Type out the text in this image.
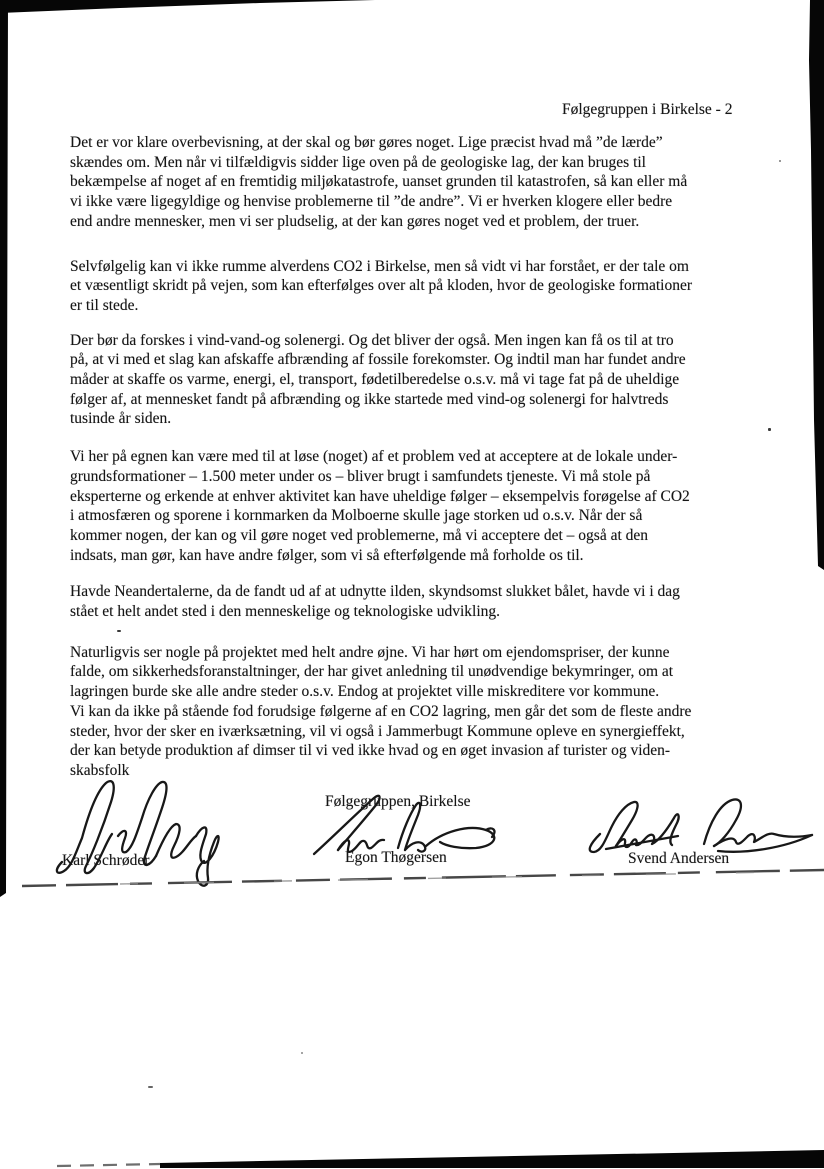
Følgegruppen i Birkelse - 2
Det er vor klare overbevisning, at der skal og bør gøres noget. Lige præcist hvad må ”de lærde”
skændes om. Men når vi tilfældigvis sidder lige oven på de geologiske lag, der kan bruges til
bekæmpelse af noget af en fremtidig miljøkatastrofe, uanset grunden til katastrofen, så kan eller må
vi ikke være ligegyldige og henvise problemerne til ”de andre”. Vi er hverken klogere eller bedre
end andre mennesker, men vi ser pludselig, at der kan gøres noget ved et problem, der truer.
Selvfølgelig kan vi ikke rumme alverdens CO2 i Birkelse, men så vidt vi har forstået, er der tale om
et væsentligt skridt på vejen, som kan efterfølges over alt på kloden, hvor de geologiske formationer
er til stede.
Der bør da forskes i vind-vand-og solenergi. Og det bliver der også. Men ingen kan få os til at tro
på, at vi med et slag kan afskaffe afbrænding af fossile forekomster. Og indtil man har fundet andre
måder at skaffe os varme, energi, el, transport, fødetilberedelse o.s.v. må vi tage fat på de uheldige
følger af, at mennesket fandt på afbrænding og ikke startede med vind-og solenergi for halvtreds
tusinde år siden.
Vi her på egnen kan være med til at løse (noget) af et problem ved at acceptere at de lokale under-
grundsformationer – 1.500 meter under os – bliver brugt i samfundets tjeneste. Vi må stole på
eksperterne og erkende at enhver aktivitet kan have uheldige følger – eksempelvis forøgelse af CO2
i atmosfæren og sporene i kornmarken da Molboerne skulle jage storken ud o.s.v. Når der så
kommer nogen, der kan og vil gøre noget ved problemerne, må vi acceptere det – også at den
indsats, man gør, kan have andre følger, som vi så efterfølgende må forholde os til.
Havde Neandertalerne, da de fandt ud af at udnytte ilden, skyndsomst slukket bålet, havde vi i dag
stået et helt andet sted i den menneskelige og teknologiske udvikling.
Naturligvis ser nogle på projektet med helt andre øjne. Vi har hørt om ejendomspriser, der kunne
falde, om sikkerhedsforanstaltninger, der har givet anledning til unødvendige bekymringer, om at
lagringen burde ske alle andre steder o.s.v. Endog at projektet ville miskreditere vor kommune.
Vi kan da ikke på stående fod forudsige følgerne af en CO2 lagring, men går det som de fleste andre
steder, hvor der sker en iværksætning, vil vi også i Jammerbugt Kommune opleve en synergieffekt,
der kan betyde produktion af dimser til vi ved ikke hvad og en øget invasion af turister og viden-
skabsfolk
Følgegruppen, Birkelse
Karl Schrøder	Egon Thøgersen	Svend Andersen
